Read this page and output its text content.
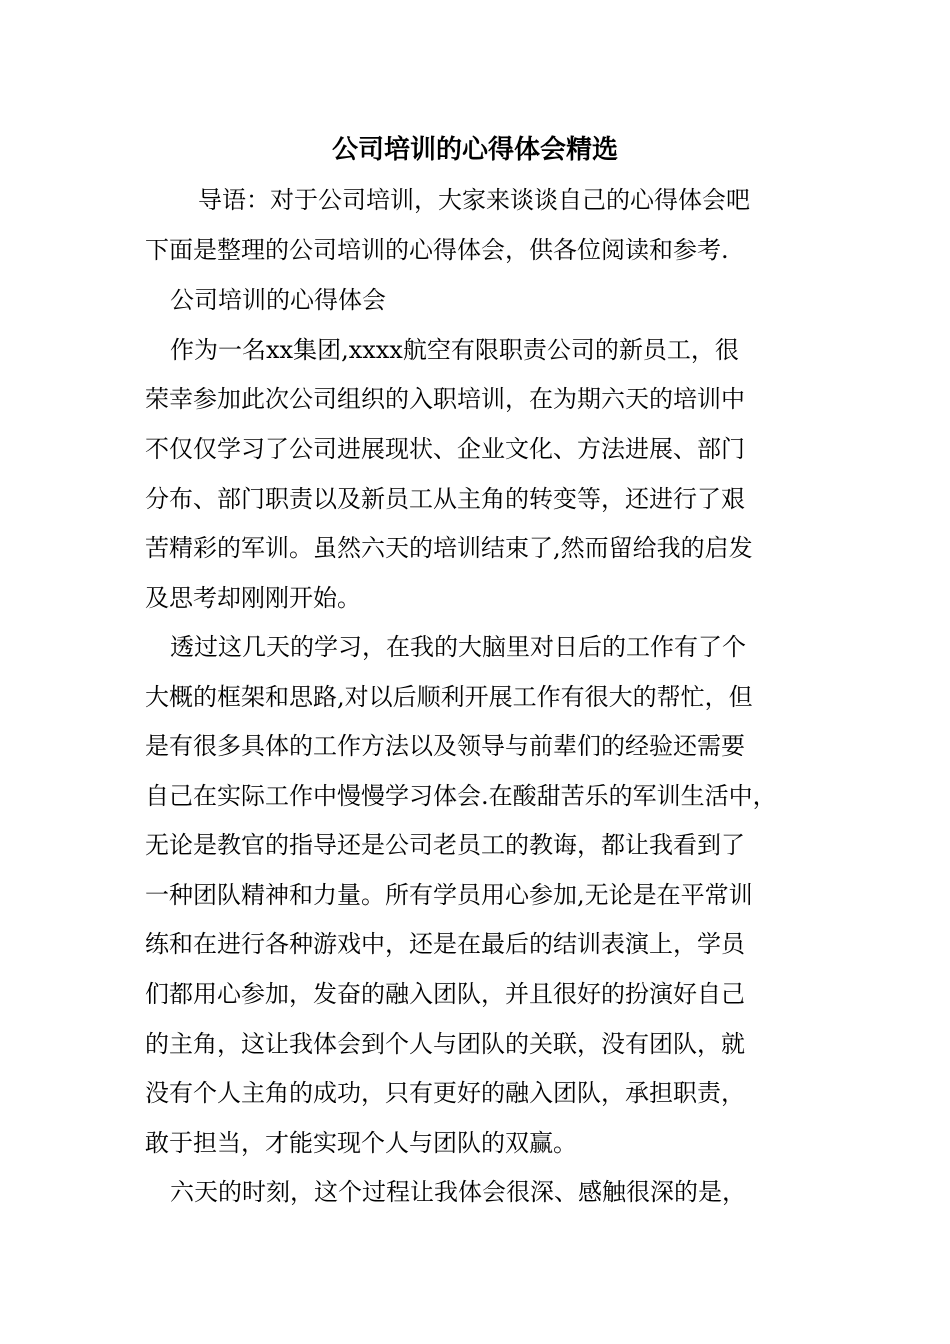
公司培训的心得体会精选

导语：对于公司培训，大家来谈谈自己的心得体会吧

下面是整理的公司培训的心得体会，供各位阅读和参考.

公司培训的心得体会

作为一名xx集团,xxxx航空有限职责公司的新员工，很

荣幸参加此次公司组织的入职培训，在为期六天的培训中

不仅仅学习了公司进展现状、企业文化、方法进展、部门

分布、部门职责以及新员工从主角的转变等，还进行了艰

苦精彩的军训。虽然六天的培训结束了,然而留给我的启发

及思考却刚刚开始。

透过这几天的学习，在我的大脑里对日后的工作有了个

大概的框架和思路,对以后顺利开展工作有很大的帮忙，但

是有很多具体的工作方法以及领导与前辈们的经验还需要

自己在实际工作中慢慢学习体会.在酸甜苦乐的军训生活中，

无论是教官的指导还是公司老员工的教诲，都让我看到了

一种团队精神和力量。所有学员用心参加,无论是在平常训

练和在进行各种游戏中，还是在最后的结训表演上，学员

们都用心参加，发奋的融入团队，并且很好的扮演好自己

的主角，这让我体会到个人与团队的关联，没有团队，就

没有个人主角的成功，只有更好的融入团队，承担职责，

敢于担当，才能实现个人与团队的双赢。

六天的时刻，这个过程让我体会很深、感触很深的是，
